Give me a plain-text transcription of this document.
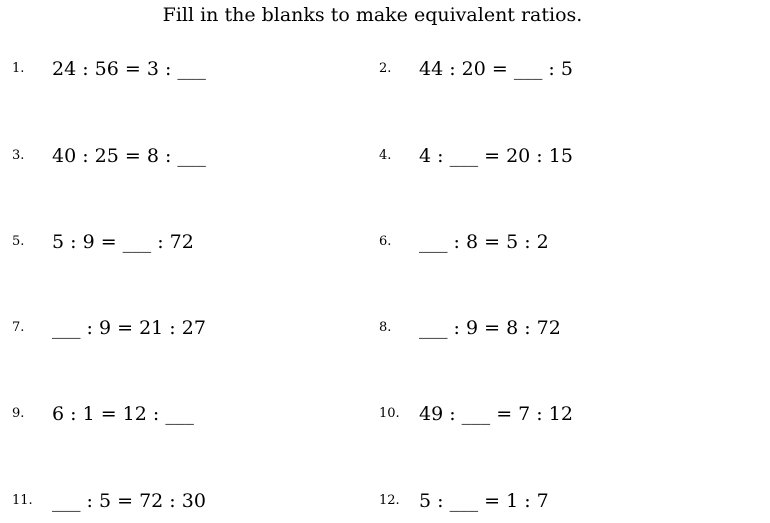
Fill in the blanks to make equivalent ratios.
1. 24 : 56 = 3 : ___	2. 44 : 20 = ___ : 5
3. 40 : 25 = 8 : ___	4. 4 : ___ = 20 : 15
5. 5 : 9 = ___ : 72	6. ___ : 8 = 5 : 2
7. ___ : 9 = 21 : 27	8. ___ : 9 = 8 : 72
9. 6 : 1 = 12 : ___	10. 49 : ___ = 7 : 12
11. ___ : 5 = 72 : 30	12. 5 : ___ = 1 : 7
